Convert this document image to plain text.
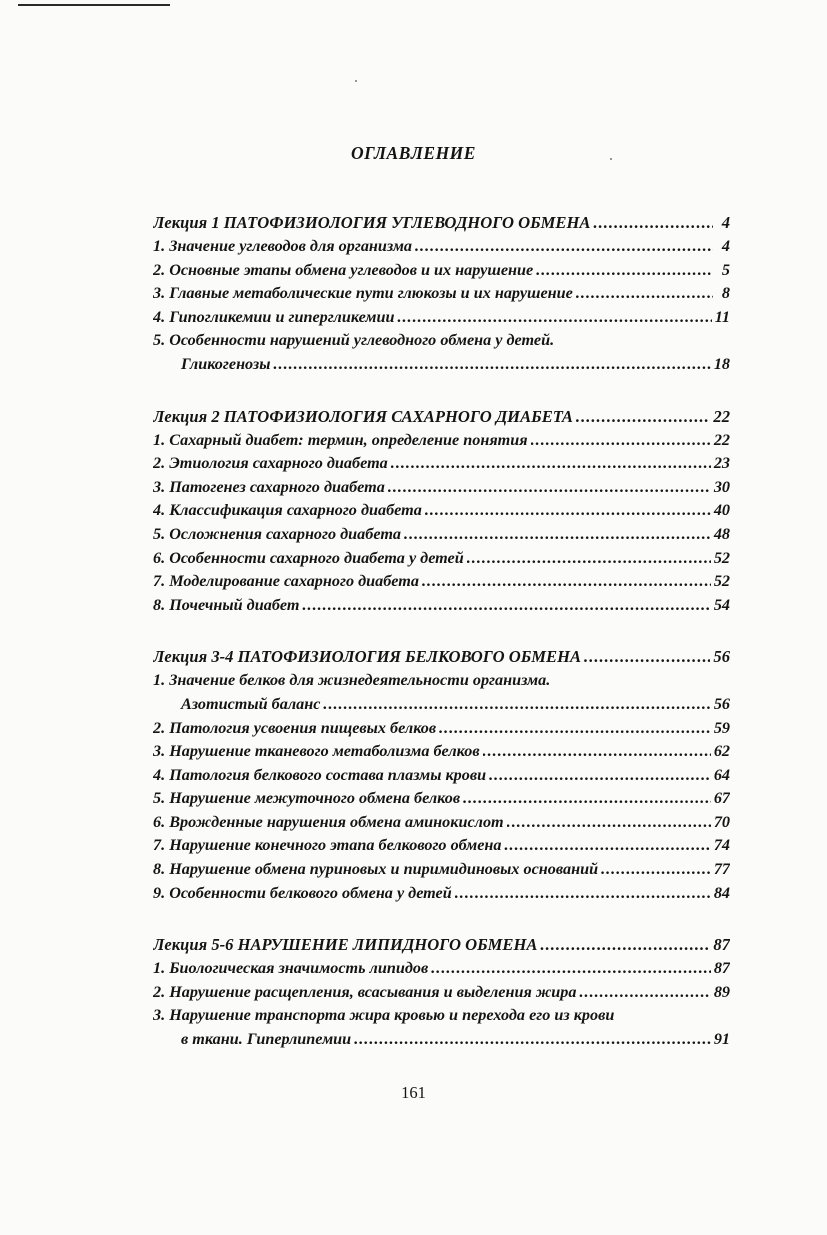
ОГЛАВЛЕНИЕ
Лекция 1 ПАТОФИЗИОЛОГИЯ УГЛЕВОДНОГО ОБМЕНА .....	4
1. Значение углеводов для организма .....	4
2. Основные этапы обмена углеводов и их нарушение .....	5
3. Главные метаболические пути глюкозы и их нарушение .....	8
4. Гипогликемии и гипергликемии .....	11
5. Особенности нарушений углеводного обмена у детей.
Гликогенозы .....	18
Лекция 2 ПАТОФИЗИОЛОГИЯ САХАРНОГО ДИАБЕТА .....	22
1. Сахарный диабет: термин, определение понятия .....	22
2. Этиология сахарного диабета .....	23
3. Патогенез сахарного диабета .....	30
4. Классификация сахарного диабета .....	40
5. Осложнения сахарного диабета .....	48
6. Особенности сахарного диабета у детей .....	52
7. Моделирование сахарного диабета .....	52
8. Почечный диабет .....	54
Лекция 3-4 ПАТОФИЗИОЛОГИЯ БЕЛКОВОГО ОБМЕНА .....	56
1. Значение белков для жизнедеятельности организма.
Азотистый баланс .....	56
2. Патология усвоения пищевых белков .....	59
3. Нарушение тканевого метаболизма белков .....	62
4. Патология белкового состава плазмы крови .....	64
5. Нарушение межуточного обмена белков .....	67
6. Врожденные нарушения обмена аминокислот .....	70
7. Нарушение конечного этапа белкового обмена .....	74
8. Нарушение обмена пуриновых и пиримидиновых оснований .....	77
9. Особенности белкового обмена у детей .....	84
Лекция 5-6 НАРУШЕНИЕ ЛИПИДНОГО ОБМЕНА .....	87
1. Биологическая значимость липидов .....	87
2. Нарушение расщепления, всасывания и выделения жира .....	89
3. Нарушение транспорта жира кровью и перехода его из крови
в ткани. Гиперлипемии .....	91
161
